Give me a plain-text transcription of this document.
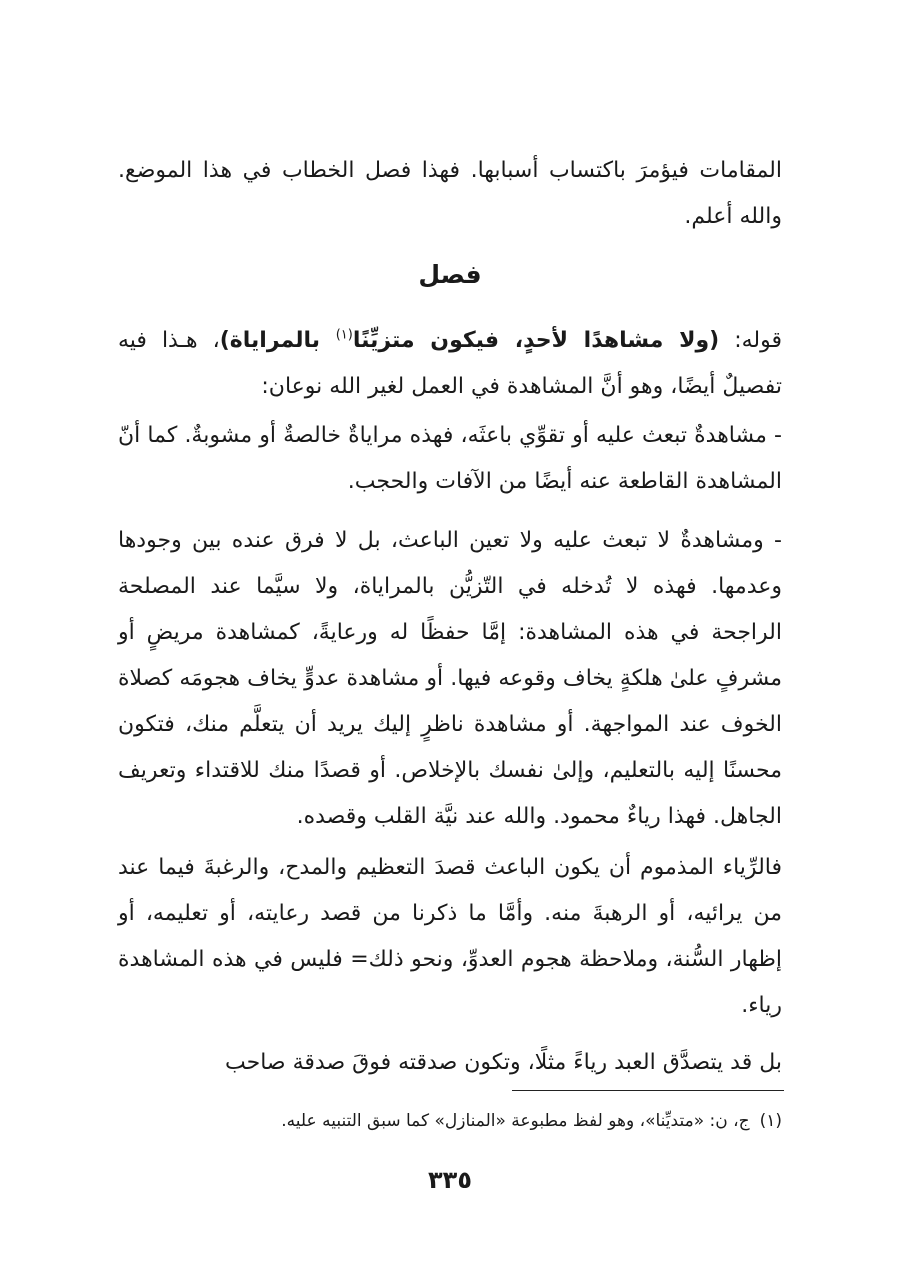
المقامات فيؤمرَ باكتساب أسبابها. فهذا فصل الخطاب في هذا الموضع. والله أعلم.

فصل

قوله: (ولا مشاهدًا لأحدٍ، فيكون متزيِّنًا$^{(١)}$ بالمراياة)، هـذا فيه تفصيلٌ أيضًا، وهو أنَّ المشاهدة في العمل لغير الله نوعان:

- مشاهدةٌ تبعث عليه أو تقوِّي باعثَه، فهذه مراياةٌ خالصةٌ أو مشوبةٌ. كما أنّ المشاهدة القاطعة عنه أيضًا من الآفات والحجب.

- ومشاهدةٌ لا تبعث عليه ولا تعين الباعث، بل لا فرق عنده بين وجودها وعدمها. فهذه لا تُدخله في التّزيُّن بالمراياة، ولا سيَّما عند المصلحة الراجحة في هذه المشاهدة: إمَّا حفظًا له ورعايةً، كمشاهدة مريضٍ أو مشرفٍ علىٰ هلكةٍ يخاف وقوعه فيها. أو مشاهدة عدوٍّ يخاف هجومَه كصلاة الخوف عند المواجهة. أو مشاهدة ناظرٍ إليك يريد أن يتعلَّم منك، فتكون محسنًا إليه بالتعليم، وإلىٰ نفسك بالإخلاص. أو قصدًا منك للاقتداء وتعريف الجاهل. فهذا رياءٌ محمود. والله عند نيَّة القلب وقصده.

فالرِّياء المذموم أن يكون الباعث قصدَ التعظيم والمدح، والرغبةَ فيما عند من يرائيه، أو الرهبةَ منه. وأمَّا ما ذكرنا من قصد رعايته، أو تعليمه، أو إظهار السُّنة، وملاحظة هجوم العدوِّ، ونحو ذلك= فليس في هذه المشاهدة رياء.

بل قد يتصدَّق العبد رياءً مثلًا، وتكون صدقته فوقَ صدقة صاحب

(١)ج، ن: «متديِّنا»، وهو لفظ مطبوعة «المنازل» كما سبق التنبيه عليه.

٣٣٥
